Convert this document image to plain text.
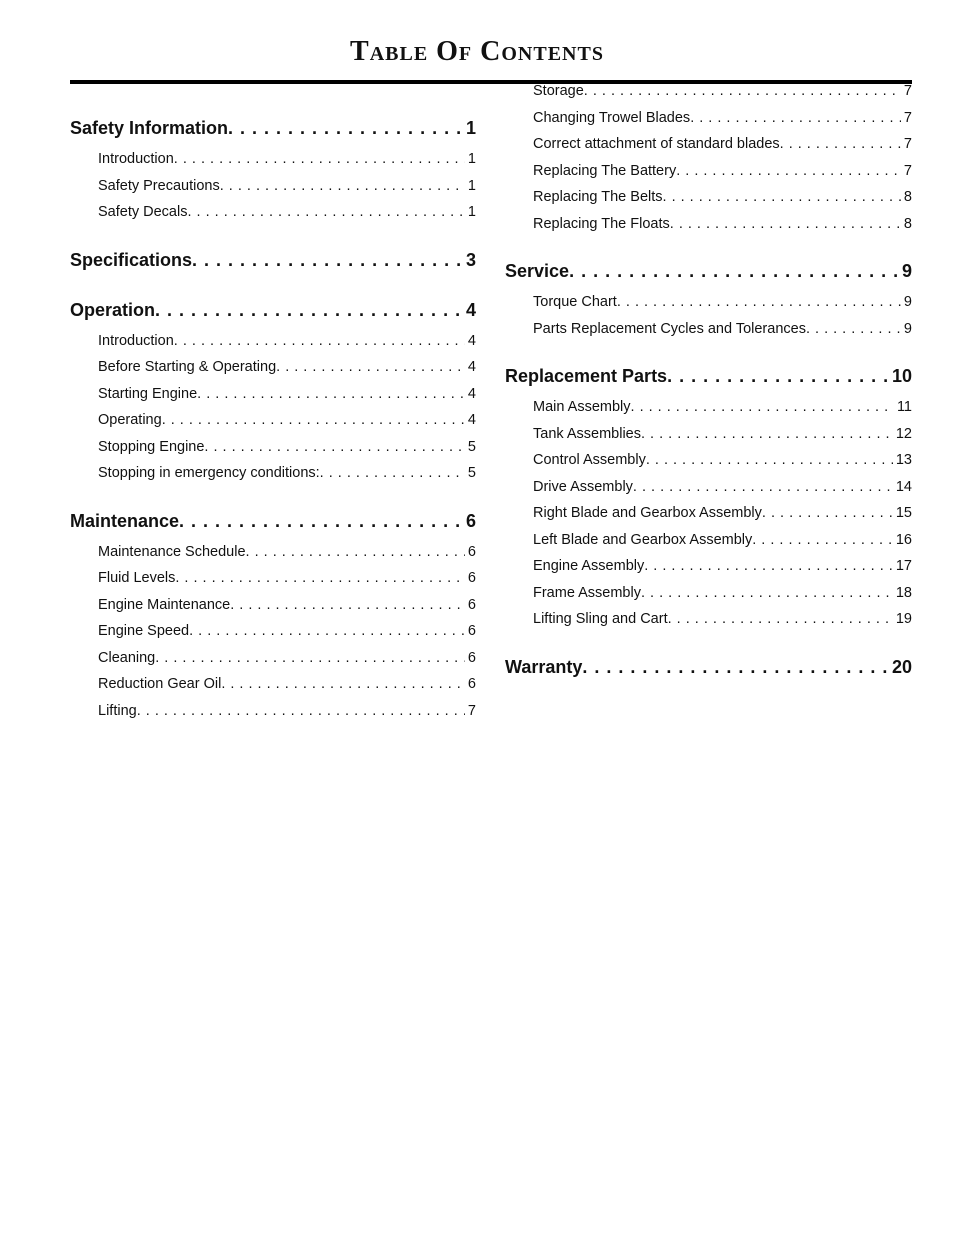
Table Of Contents
Safety Information . . .	1
Introduction . . .	1
Safety Precautions . . .	1
Safety Decals . . .	1
Specifications . . .	3
Operation . . .	4
Introduction . . .	4
Before Starting & Operating . . .	4
Starting Engine . . .	4
Operating . . .	4
Stopping Engine . . .	5
Stopping in emergency conditions: . . .	5
Maintenance . . .	6
Maintenance Schedule . . .	6
Fluid Levels . . .	6
Engine Maintenance . . .	6
Engine Speed . . .	6
Cleaning . . .	6
Reduction Gear Oil . . .	6
Lifting . . .	7
Storage . . .	7
Changing Trowel Blades . . .	7
Correct attachment of standard blades . . .	7
Replacing The Battery . . .	7
Replacing The Belts . . .	8
Replacing The Floats . . .	8
Service . . .	9
Torque Chart . . .	9
Parts Replacement Cycles and Tolerances . . .	9
Replacement Parts . . .	10
Main Assembly . . .	11
Tank Assemblies . . .	12
Control Assembly . . .	13
Drive Assembly . . .	14
Right Blade and Gearbox Assembly . . .	15
Left Blade and Gearbox Assembly . . .	16
Engine Assembly . . .	17
Frame Assembly . . .	18
Lifting Sling and Cart . . .	19
Warranty . . .	20
